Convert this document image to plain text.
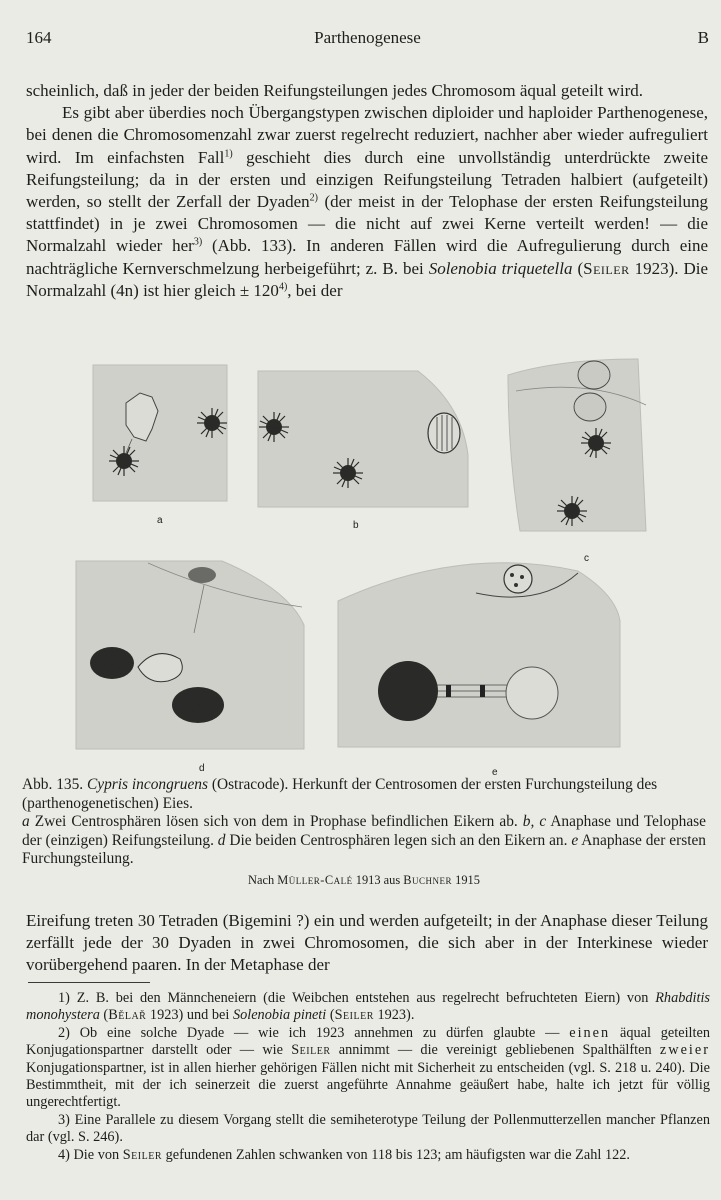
164	Parthenogenese	B

scheinlich, daß in jeder der beiden Reifungsteilungen jedes Chromosom äqual geteilt wird.

Es gibt aber überdies noch Übergangstypen zwischen diploider und haploider Parthenogenese, bei denen die Chromosomenzahl zwar zuerst regelrecht reduziert, nachher aber wieder aufreguliert wird. Im einfachsten Fall$^{1)}$ geschieht dies durch eine unvollständig unterdrückte zweite Reifungsteilung; da in der ersten und einzigen Reifungsteilung Tetraden halbiert (aufgeteilt) werden, so stellt der Zerfall der Dyaden$^{2)}$ (der meist in der Telophase der ersten Reifungsteilung stattfindet) in je zwei Chromosomen — die nicht auf zwei Kerne verteilt werden! — die Normalzahl wieder her$^{3)}$ (Abb. 133). In anderen Fällen wird die Aufregulierung durch eine nachträgliche Kernverschmelzung herbeigeführt; z. B. bei Solenobia triquetella (Seiler 1923). Die Normalzahl (4n) ist hier gleich ± $120^{4)}$, bei der

a	b
c
d	e

Abb. 135. Cypris incongruens (Ostracode). Herkunft der Centrosomen der ersten Furchungsteilung des (parthenogenetischen) Eies.

a Zwei Centrosphären lösen sich von dem in Prophase befindlichen Eikern ab. b, c Anaphase und Telophase der (einzigen) Reifungsteilung. d Die beiden Centrosphären legen sich an den Eikern an. e Anaphase der ersten Furchungsteilung.

Nach Müller-Calé 1913 aus Buchner 1915

Eireifung treten 30 Tetraden (Bigemini ?) ein und werden aufgeteilt; in der Anaphase dieser Teilung zerfällt jede der 30 Dyaden in zwei Chromosomen, die sich aber in der Interkinese wieder vorübergehend paaren. In der Metaphase der

1) Z. B. bei den Männcheneiern (die Weibchen entstehen aus regelrecht befruchteten Eiern) von Rhabditis monohystera (Bělař 1923) und bei Solenobia pineti (Seiler 1923).

2) Ob eine solche Dyade — wie ich 1923 annehmen zu dürfen glaubte — einen äqual geteilten Konjugationspartner darstellt oder — wie Seiler annimmt — die vereinigt gebliebenen Spalthälften zweier Konjugationspartner, ist in allen hierher gehörigen Fällen nicht mit Sicherheit zu entscheiden (vgl. S. 218 u. 240). Die Bestimmtheit, mit der ich seinerzeit die zuerst angeführte Annahme geäußert habe, halte ich jetzt für völlig ungerechtfertigt.

3) Eine Parallele zu diesem Vorgang stellt die semiheterotype Teilung der Pollenmutterzellen mancher Pflanzen dar (vgl. S. 246).

4) Die von Seiler gefundenen Zahlen schwanken von 118 bis 123; am häufigsten war die Zahl 122.
